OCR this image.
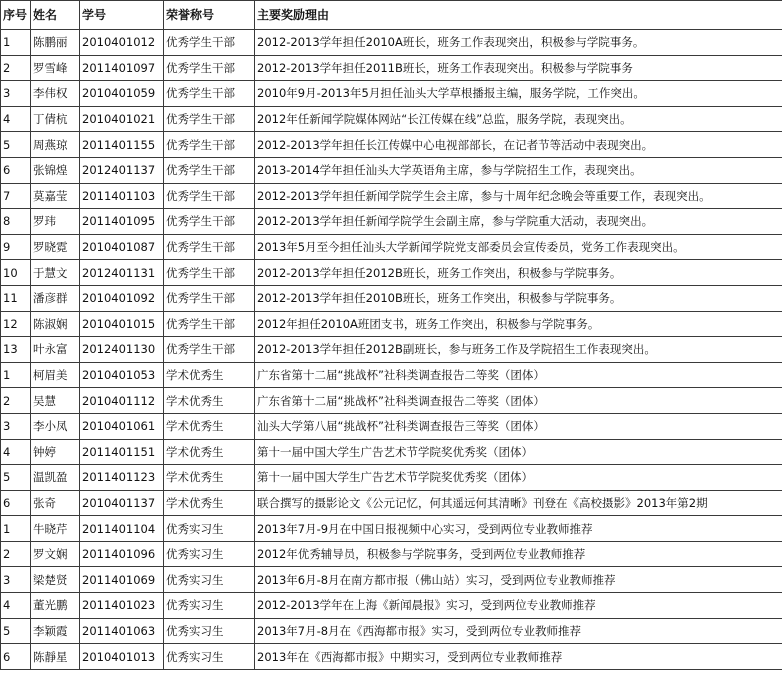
序号	姓名	学号	荣誉称号	主要奖励理由
1	陈鹏丽	2010401012	优秀学生干部	2012-2013学年担任2010A班长，班务工作表现突出，积极参与学院事务。
2	罗雪峰	2011401097	优秀学生干部	2012-2013学年担任2011B班长，班务工作表现突出。积极参与学院事务
3	李伟权	2010401059	优秀学生干部	2010年9月-2013年5月担任汕头大学草根播报主编，服务学院，工作突出。
4	丁倩杭	2010401021	优秀学生干部	2012年任新闻学院媒体网站“长江传媒在线”总监，服务学院，表现突出。
5	周燕琼	2011401155	优秀学生干部	2012-2013学年担任长江传媒中心电视部部长，在记者节等活动中表现突出。
6	张锦煌	2012401137	优秀学生干部	2013-2014学年担任汕头大学英语角主席，参与学院招生工作，表现突出。
7	莫嘉莹	2011401103	优秀学生干部	2012-2013学年担任新闻学院学生会主席，参与十周年纪念晚会等重要工作，表现突出。
8	罗玮	2011401095	优秀学生干部	2012-2013学年担任新闻学院学生会副主席，参与学院重大活动，表现突出。
9	罗晓霓	2010401087	优秀学生干部	2013年5月至今担任汕头大学新闻学院党支部委员会宣传委员，党务工作表现突出。
10	于慧文	2012401131	优秀学生干部	2012-2013学年担任2012B班长，班务工作突出，积极参与学院事务。
11	潘彦群	2010401092	优秀学生干部	2012-2013学年担任2010B班长，班务工作突出，积极参与学院事务。
12	陈淑娴	2010401015	优秀学生干部	2012年担任2010A班团支书，班务工作突出，积极参与学院事务。
13	叶永富	2012401130	优秀学生干部	2012-2013学年担任2012B副班长，参与班务工作及学院招生工作表现突出。
1	柯眉美	2010401053	学术优秀生	广东省第十二届“挑战杯”社科类调查报告二等奖（团体）
2	吴慧	2010401112	学术优秀生	广东省第十二届“挑战杯”社科类调查报告二等奖（团体）
3	李小凤	2010401061	学术优秀生	汕头大学第八届“挑战杯”社科类调查报告三等奖（团体）
4	钟婷	2011401151	学术优秀生	第十一届中国大学生广告艺术节学院奖优秀奖（团体）
5	温凯盈	2011401123	学术优秀生	第十一届中国大学生广告艺术节学院奖优秀奖（团体）
6	张奇	2010401137	学术优秀生	联合撰写的摄影论文《公元记忆，何其遥远何其清晰》刊登在《高校摄影》2013年第2期
1	牛晓芹	2011401104	优秀实习生	2013年7月-9月在中国日报视频中心实习，受到两位专业教师推荐
2	罗文娴	2011401096	优秀实习生	2012年优秀辅导员，积极参与学院事务，受到两位专业教师推荐
3	梁楚贤	2011401069	优秀实习生	2013年6月-8月在南方都市报（佛山站）实习，受到两位专业教师推荐
4	董光鹏	2011401023	优秀实习生	2012-2013学年在上海《新闻晨报》实习，受到两位专业教师推荐
5	李颖霞	2011401063	优秀实习生	2013年7月-8月在《西海都市报》实习，受到两位专业教师推荐
6	陈靜星	2010401013	优秀实习生	2013年在《西海都市报》中期实习，受到两位专业教师推荐
